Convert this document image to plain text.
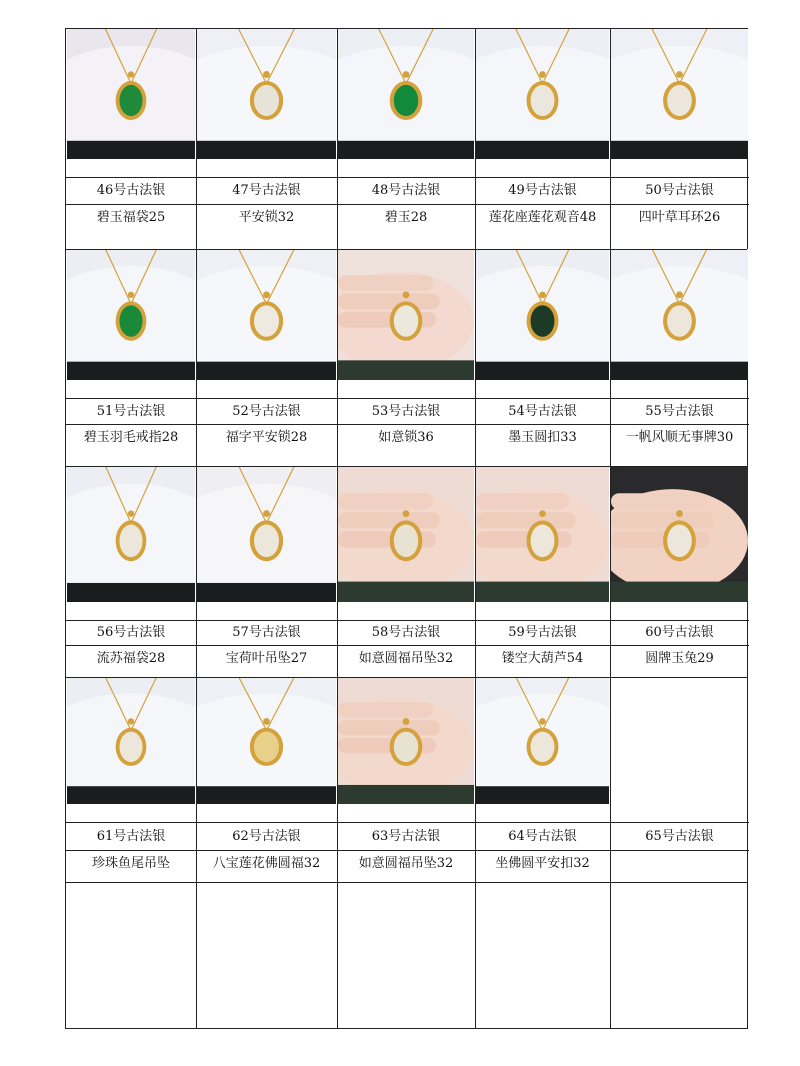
46号古法银
碧玉福袋25
47号古法银
平安锁32
48号古法银
碧玉28
49号古法银
莲花座莲花观音48
50号古法银
四叶草耳环26
51号古法银
碧玉羽毛戒指28
52号古法银
福字平安锁28
53号古法银
如意锁36
54号古法银
墨玉圆扣33
55号古法银
一帆风顺无事牌30
56号古法银
流苏福袋28
57号古法银
宝荷叶吊坠27
58号古法银
如意圆福吊坠32
59号古法银
镂空大葫芦54
60号古法银
圆牌玉兔29
61号古法银
珍珠鱼尾吊坠
62号古法银
八宝莲花佛圆福32
63号古法银
如意圆福吊坠32
64号古法银
坐佛圆平安扣32
65号古法银
